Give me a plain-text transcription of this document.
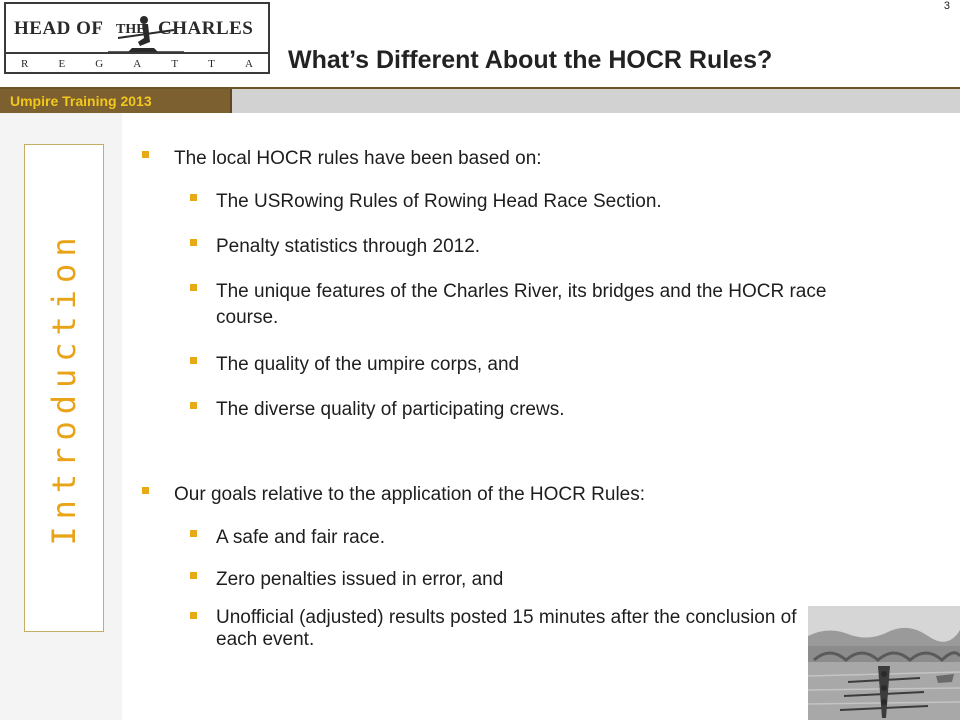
HEAD OF THE CHARLES
R	E	G	A	T	T	A
3
What’s Different About the HOCR Rules?
Umpire Training 2013
Introduction
The local HOCR rules have been based on:
The USRowing Rules of Rowing Head Race Section.
Penalty statistics through 2012.
The unique features of the Charles River, its bridges and the HOCR race course.
The quality of the umpire corps, and
The diverse quality of participating crews.
Our goals relative to the application of the HOCR Rules:
A safe and fair race.
Zero penalties issued in error, and
Unofficial (adjusted) results posted 15 minutes after the conclusion of each event.
